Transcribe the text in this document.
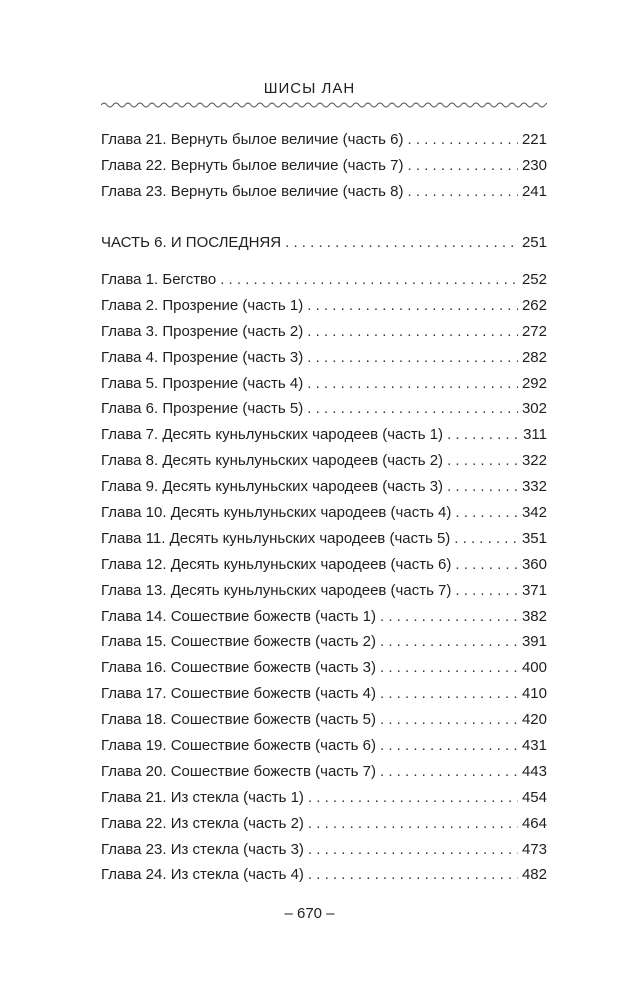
ШИСЫ ЛАН
Глава 21. Вернуть былое величие (часть 6) . . .	221
Глава 22. Вернуть былое величие (часть 7) . . .	230
Глава 23. Вернуть былое величие (часть 8) . . .	241
ЧАСТЬ 6. И ПОСЛЕДНЯЯ . . .	251
Глава 1. Бегство . . .	252
Глава 2. Прозрение (часть 1) . . .	262
Глава 3. Прозрение (часть 2) . . .	272
Глава 4. Прозрение (часть 3) . . .	282
Глава 5. Прозрение (часть 4) . . .	292
Глава 6. Прозрение (часть 5) . . .	302
Глава 7. Десять куньлуньских чародеев (часть 1) . . .	311
Глава 8. Десять куньлуньских чародеев (часть 2) . . .	322
Глава 9. Десять куньлуньских чародеев (часть 3) . . .	332
Глава 10. Десять куньлуньских чародеев (часть 4) . . .	342
Глава 11. Десять куньлуньских чародеев (часть 5) . . .	351
Глава 12. Десять куньлуньских чародеев (часть 6) . . .	360
Глава 13. Десять куньлуньских чародеев (часть 7) . . .	371
Глава 14. Сошествие божеств (часть 1) . . .	382
Глава 15. Сошествие божеств (часть 2) . . .	391
Глава 16. Сошествие божеств (часть 3) . . .	400
Глава 17. Сошествие божеств (часть 4) . . .	410
Глава 18. Сошествие божеств (часть 5) . . .	420
Глава 19. Сошествие божеств (часть 6) . . .	431
Глава 20. Сошествие божеств (часть 7) . . .	443
Глава 21. Из стекла (часть 1) . . .	454
Глава 22. Из стекла (часть 2) . . .	464
Глава 23. Из стекла (часть 3) . . .	473
Глава 24. Из стекла (часть 4) . . .	482
– 670 –
